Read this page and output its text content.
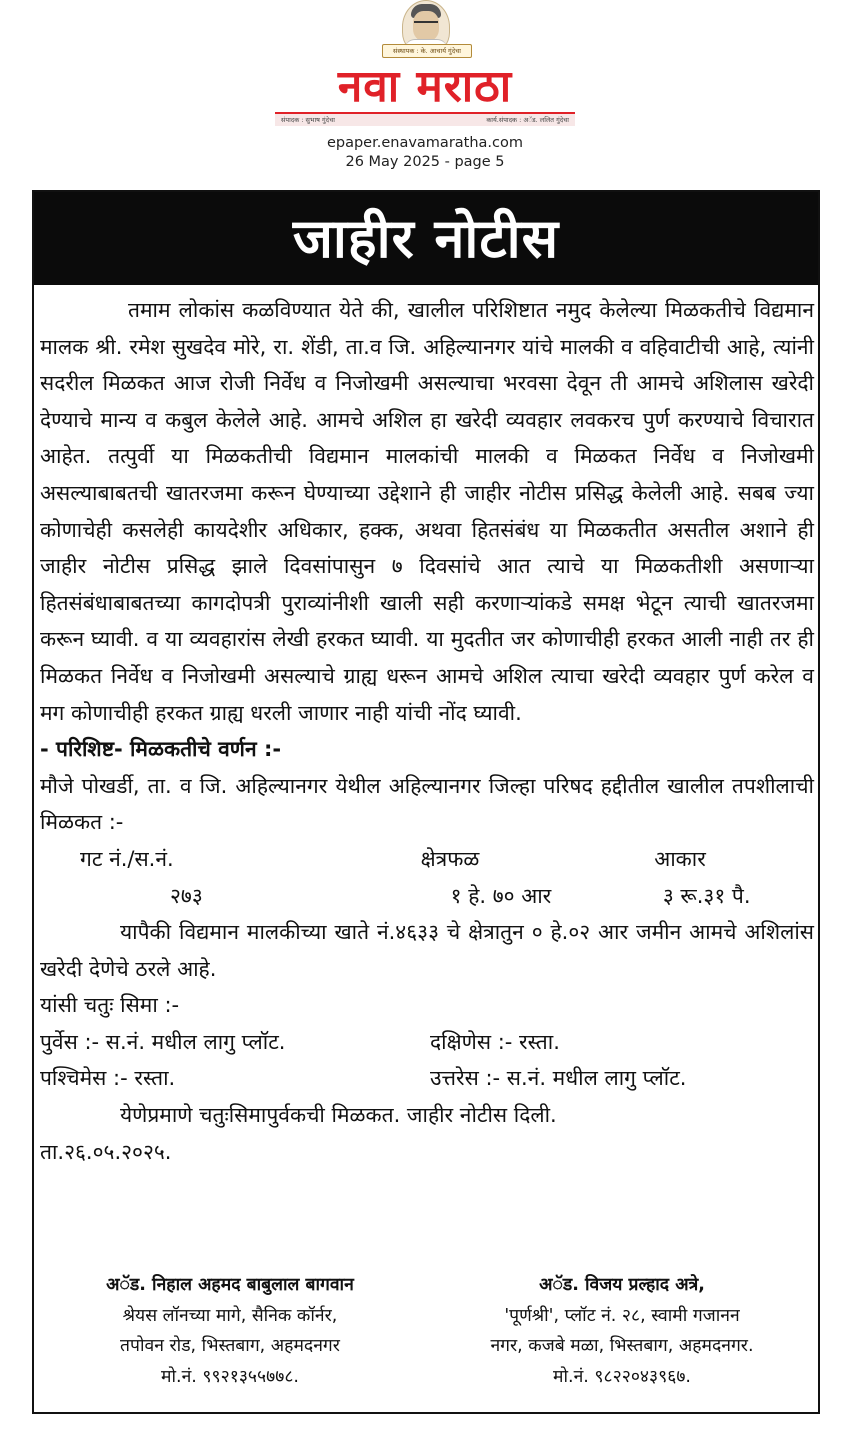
संस्थापक : के. आचार्य गुंदेचा
नवा मराठा
संपादक : सुभाष गुंदेचा	कार्य.संपादक : अॅड. ललित गुंदेचा
epaper.enavamaratha.com
26 May 2025 - page 5
जाहीर नोटीस

तमाम लोकांस कळविण्यात येते की, खालील परिशिष्टात नमुद केलेल्या मिळकतीचे विद्यमान मालक श्री. रमेश सुखदेव मोरे, रा. शेंडी, ता.व जि. अहिल्यानगर यांचे मालकी व वहिवाटीची आहे, त्यांनी सदरील मिळकत आज रोजी निर्वेध व निजोखमी असल्याचा भरवसा देवून ती आमचे अशिलास खरेदी देण्याचे मान्य व कबुल केलेले आहे. आमचे अशिल हा खरेदी व्यवहार लवकरच पुर्ण करण्याचे विचारात आहेत. तत्पुर्वी या मिळकतीची विद्यमान मालकांची मालकी व मिळकत निर्वेध व निजोखमी असल्याबाबतची खातरजमा करून घेण्याच्या उद्देशाने ही जाहीर नोटीस प्रसिद्ध केलेली आहे. सबब ज्या कोणाचेही कसलेही कायदेशीर अधिकार, हक्क, अथवा हितसंबंध या मिळकतीत असतील अशाने ही जाहीर नोटीस प्रसिद्ध झाले दिवसांपासुन ७ दिवसांचे आत त्याचे या मिळकतीशी असणाऱ्या हितसंबंधाबाबतच्या कागदोपत्री पुराव्यांनीशी खाली सही करणाऱ्यांकडे समक्ष भेटून त्याची खातरजमा करून घ्यावी. व या व्यवहारांस लेखी हरकत घ्यावी. या मुदतीत जर कोणाचीही हरकत आली नाही तर ही मिळकत निर्वेध व निजोखमी असल्याचे ग्राह्य धरून आमचे अशिल त्याचा खरेदी व्यवहार पुर्ण करेल व मग कोणाचीही हरकत ग्राह्य धरली जाणार नाही यांची नोंद घ्यावी.

- परिशिष्ट- मिळकतीचे वर्णन :-

मौजे पोखर्डी, ता. व जि. अहिल्यानगर येथील अहिल्यानगर जिल्हा परिषद हद्दीतील खालील तपशीलाची मिळकत :-

गट नं./स.नं.	क्षेत्रफळ	आकार
२७३	१ हे. ७० आर	३ रू.३१ पै.

यापैकी विद्यमान मालकीच्या खाते नं.४६३३ चे क्षेत्रातुन ० हे.०२ आर जमीन आमचे अशिलांस खरेदी देणेचे ठरले आहे.

यांसी चतुः सिमा :-

पुर्वेस :- स.नं. मधील लागु प्लॉट.	दक्षिणेस :- रस्ता.
पश्चिमेस :- रस्ता.	उत्तरेस :- स.नं. मधील लागु प्लॉट.

येणेप्रमाणे चतुःसिमापुर्वकची मिळकत. जाहीर नोटीस दिली.

ता.२६.०५.२०२५.

अॅड. निहाल अहमद बाबुलाल बागवान
श्रेयस लॉनच्या मागे, सैनिक कॉर्नर,
तपोवन रोड, भिस्तबाग, अहमदनगर
मो.नं. ९९२१३५५७७८.
अॅड. विजय प्रल्हाद अत्रे,
'पूर्णश्री', प्लॉट नं. २८, स्वामी गजानन
नगर, कजबे मळा, भिस्तबाग, अहमदनगर.
मो.नं. ९८२२०४३९६७.
